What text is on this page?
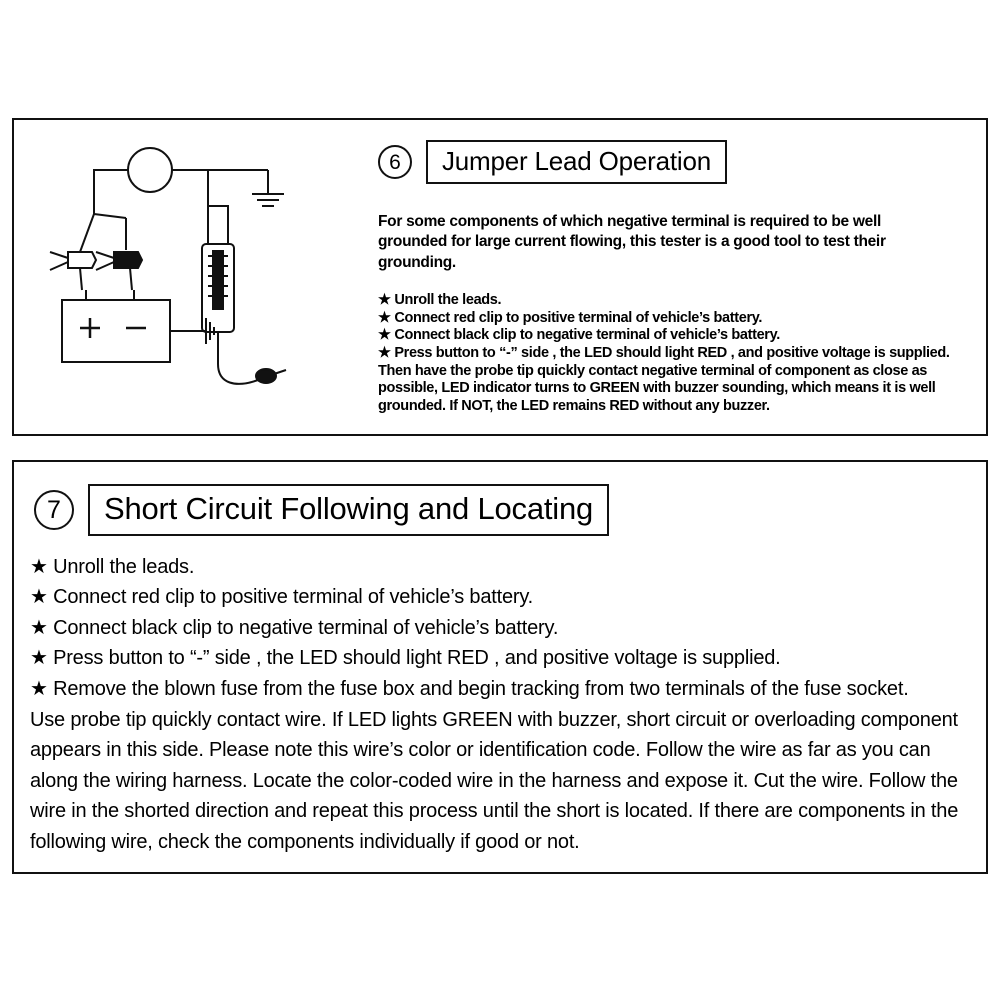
6	Jumper Lead Operation
For some components of which negative terminal is required to be well grounded for large current flowing, this tester is a good tool to test their grounding.
★ Unroll the leads.
★ Connect red clip to positive terminal of vehicle’s battery.
★ Connect black clip to negative terminal of vehicle’s battery.
★ Press button to “-” side , the LED should light RED , and positive voltage is supplied. Then have the probe tip quickly contact negative terminal of component as close as possible, LED indicator turns to GREEN with buzzer sounding, which means it is well grounded. If NOT, the LED remains RED without any buzzer.
7	Short Circuit Following and Locating
★ Unroll the leads.
★ Connect red clip to positive terminal of vehicle’s battery.
★ Connect black clip to negative terminal of vehicle’s battery.
★ Press button to “-” side , the LED should light RED , and positive voltage is supplied.
★ Remove the blown fuse from the fuse box and begin tracking from two terminals of the fuse socket.
Use probe tip quickly contact wire. If LED lights GREEN with buzzer, short circuit or overloading component appears in this side. Please note this wire’s color or identification code. Follow the wire as far as you can along the wiring harness. Locate the color-coded wire in the harness and expose it. Cut the wire. Follow the wire in the shorted direction and repeat this process until the short is located. If there are components in the following wire, check the components individually if good or not.
